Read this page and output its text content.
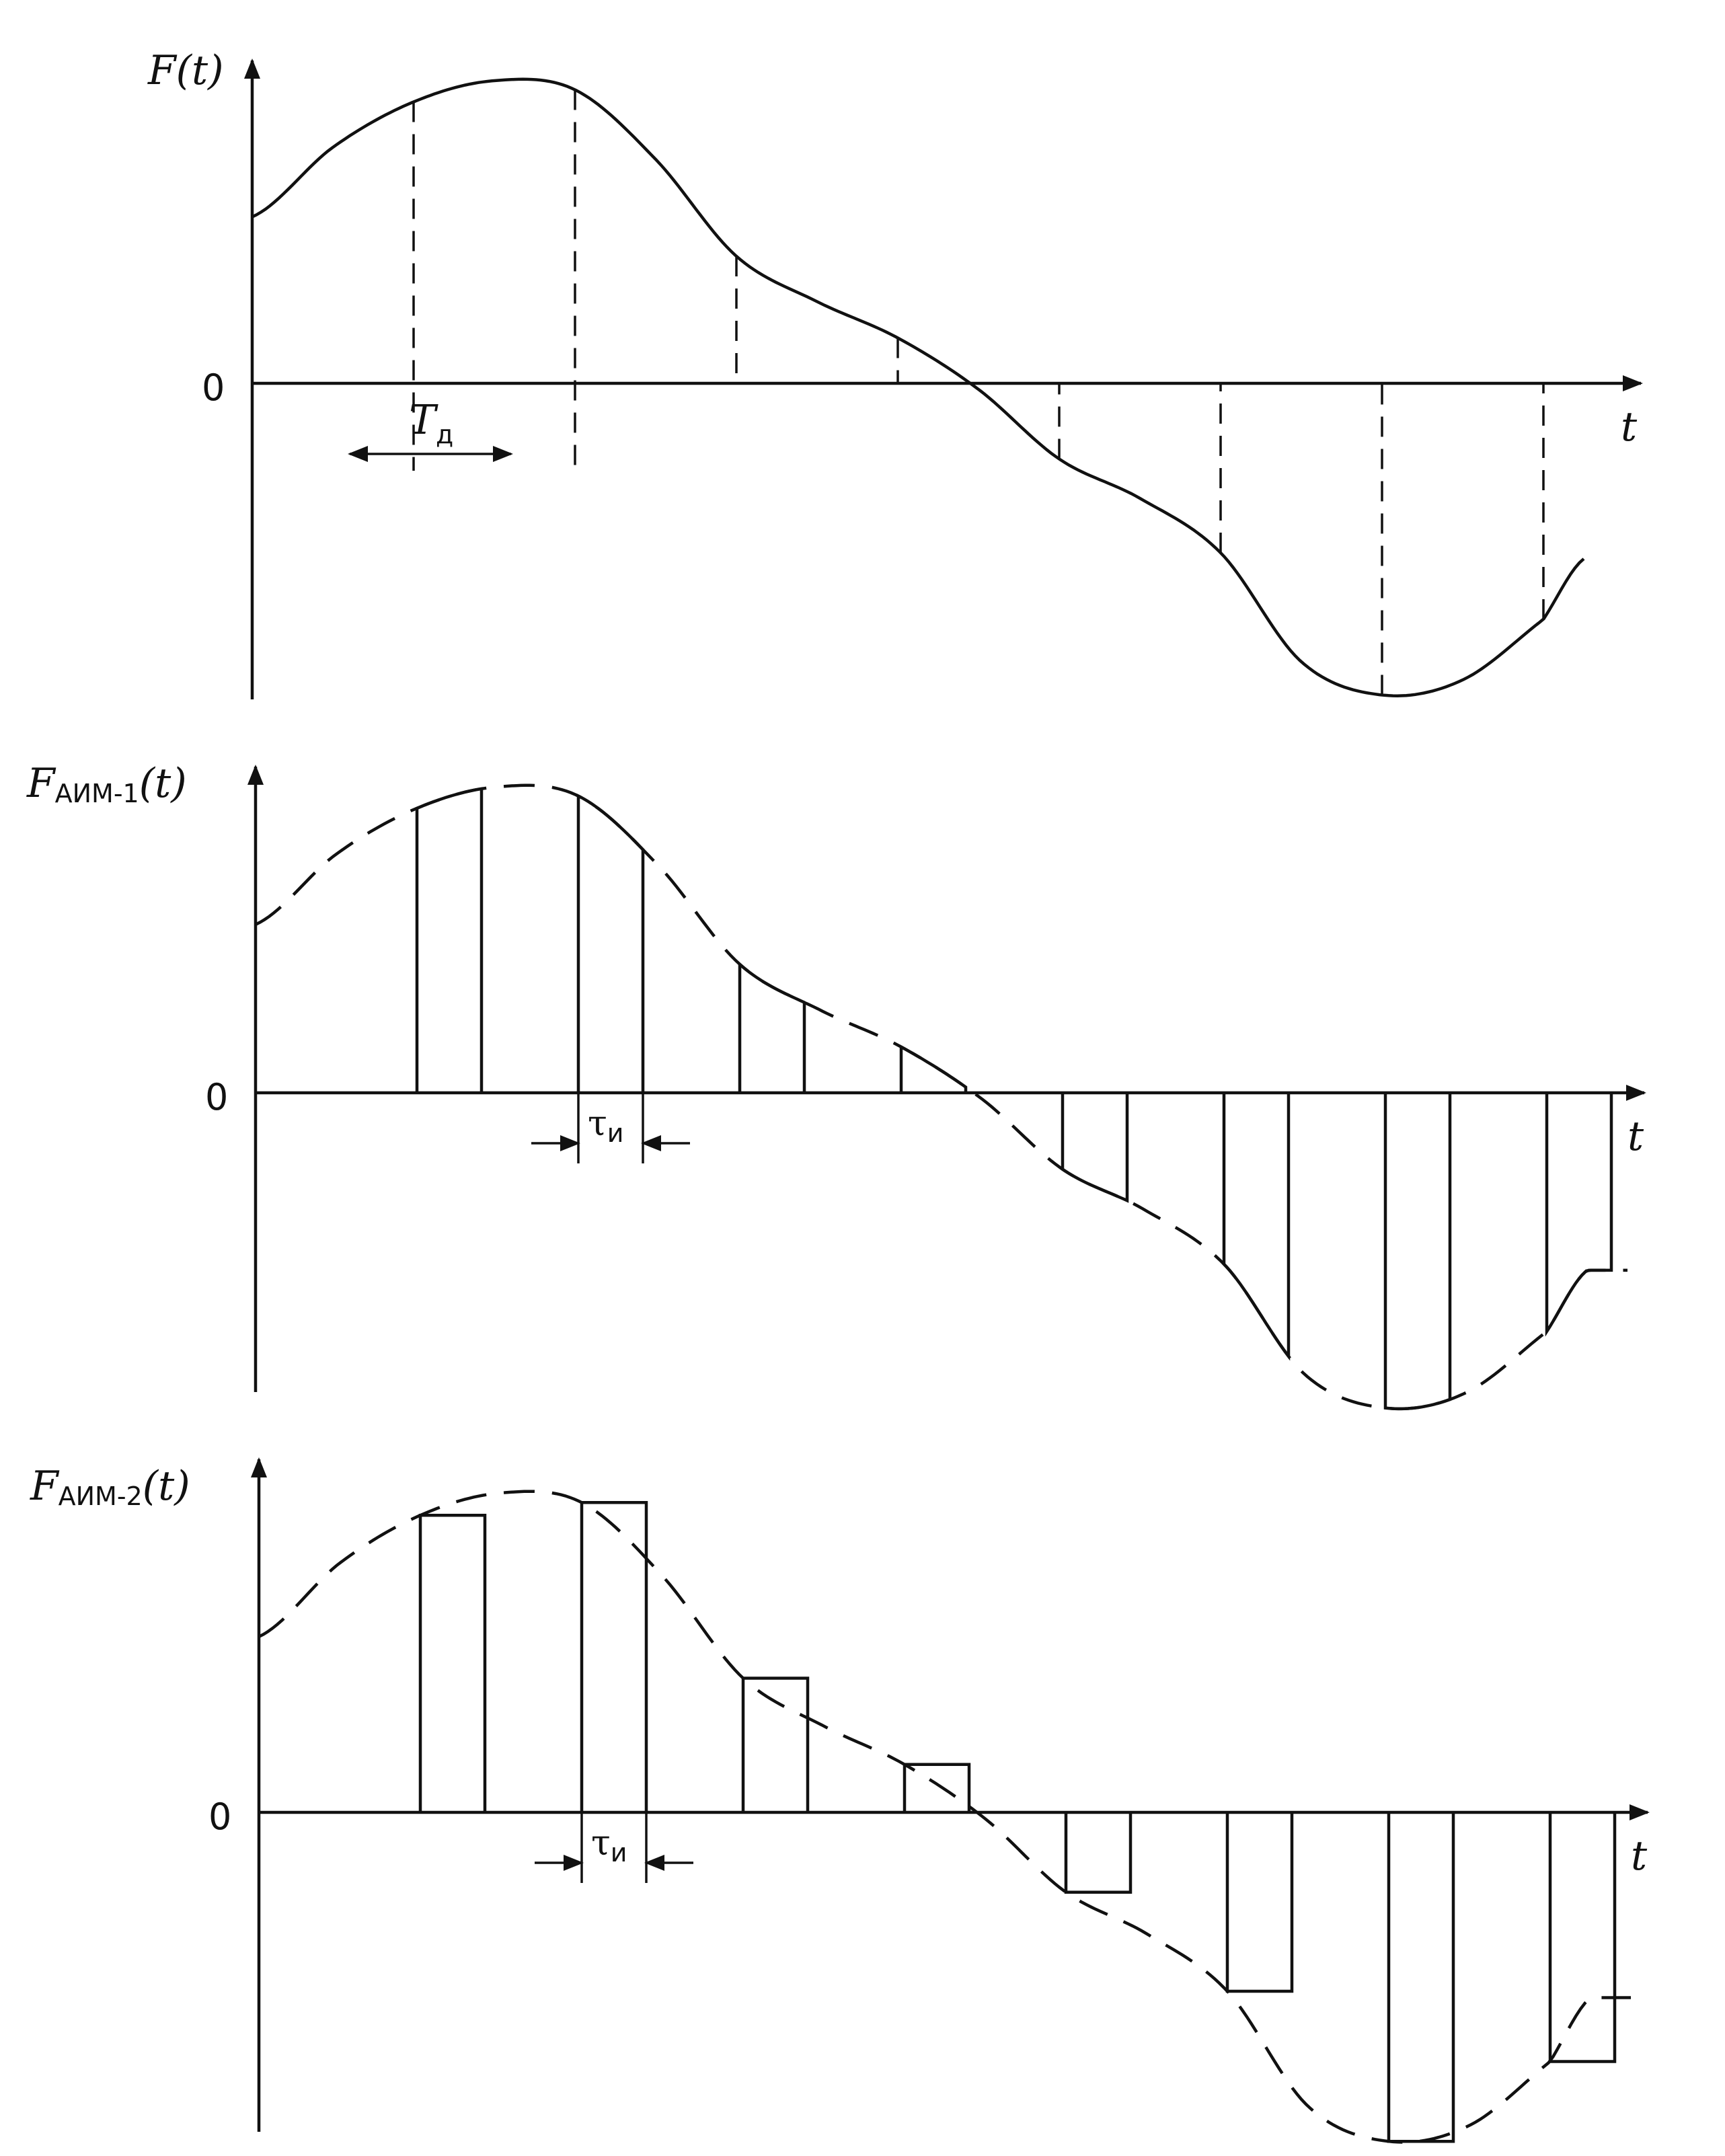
F(t)
t
0
$T_д$
FАИМ-1(t)
t
0
τи
FАИМ-2(t)
t
0
τи
